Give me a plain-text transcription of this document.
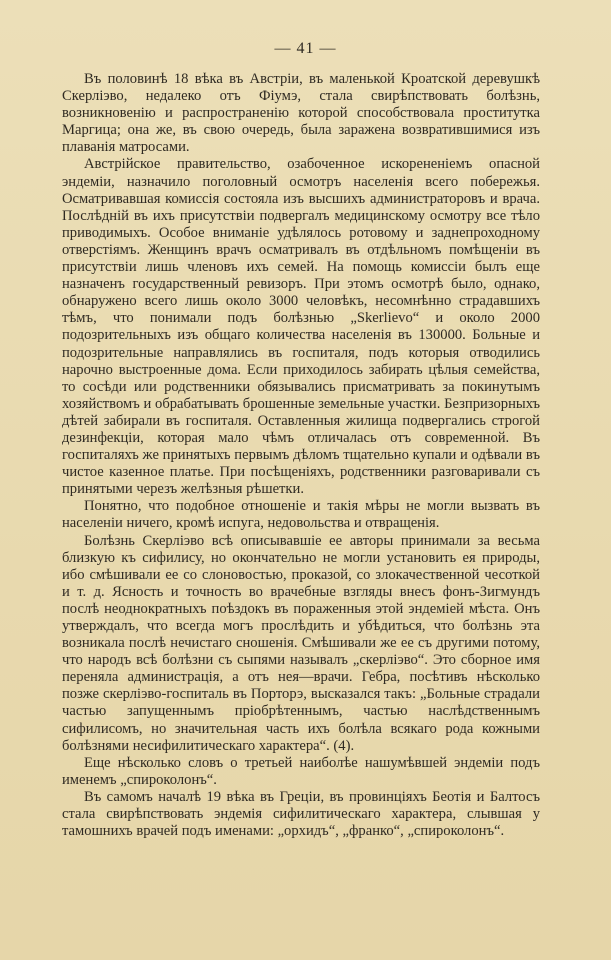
— 41 —

Въ половинѣ 18 вѣка въ Австріи, въ маленькой Кроатской деревушкѣ Скерліэво, недалеко отъ Фіумэ, стала свирѣпствовать болѣзнь, возникновенію и распространенію которой способствовала проститутка Маргица; она же, въ свою очередь, была заражена возвратившимися изъ плаванія матросами.

Австрійское правительство, озабоченное искорененіемъ опасной эндеміи, назначило поголовный осмотръ населенія всего побережья. Осматривавшая комиссія состояла изъ высшихъ администраторовъ и врача. Послѣдній въ ихъ присутствіи подвергалъ медицинскому осмотру все тѣло приводимыхъ. Особое вниманіе удѣлялось ротовому и заднепроходному отверстіямъ. Женщинъ врачъ осматривалъ въ отдѣльномъ помѣщеніи въ присутствіи лишь членовъ ихъ семей. На помощь комиссіи былъ еще назначенъ государственный ревизоръ. При этомъ осмотрѣ было, однако, обнаружено всего лишь около 3000 человѣкъ, несомнѣнно страдавшихъ тѣмъ, что понимали подъ болѣзнью „Skerlievo“ и около 2000 подозрительныхъ изъ общаго количества населенія въ 130000. Больные и подозрительные направлялись въ госпиталя, подъ которыя отводились нарочно выстроенные дома. Если приходилось забирать цѣлыя семейства, то сосѣди или родственники обязывались присматривать за покинутымъ хозяйствомъ и обрабатывать брошенные земельные участки. Безпризорныхъ дѣтей забирали въ госпиталя. Оставленныя жилища подвергались строгой дезинфекціи, которая мало чѣмъ отличалась отъ современной. Въ госпиталяхъ же принятыхъ первымъ дѣломъ тщательно купали и одѣвали въ чистое казенное платье. При посѣщеніяхъ, родственники разговаривали съ принятыми черезъ желѣзныя рѣшетки.

Понятно, что подобное отношеніе и такія мѣры не могли вызвать въ населеніи ничего, кромѣ испуга, недовольства и отвращенія.

Болѣзнь Скерліэво всѣ описывавшіе ее авторы принимали за весьма близкую къ сифилису, но окончательно не могли установить ея природы, ибо смѣшивали ее со слоновостью, проказой, со злокачественной чесоткой и т. д. Ясность и точность во врачебные взгляды внесъ фонъ-Зигмундъ послѣ неоднократныхъ поѣздокъ въ пораженныя этой эндеміей мѣста. Онъ утверждалъ, что всегда могъ прослѣдить и убѣдиться, что болѣзнь эта возникала послѣ нечистаго сношенія. Смѣшивали же ее съ другими потому, что народъ всѣ болѣзни съ сыпями называлъ „скерліэво“. Это сборное имя переняла администрація, а отъ нея—врачи. Гебра, посѣтивъ нѣсколько позже скерліэво-госпиталь въ Порторэ, высказался такъ: „Больные страдали частью запущеннымъ пріобрѣтеннымъ, частью наслѣдственнымъ сифилисомъ, но значительная часть ихъ болѣла всякаго рода кожными болѣзнями несифилитическаго характера“. (4).

Еще нѣсколько словъ о третьей наиболѣе нашумѣвшей эндеміи подъ именемъ „спироколонъ“.

Въ самомъ началѣ 19 вѣка въ Греціи, въ провинціяхъ Беотія и Балтосъ стала свирѣпствовать эндемія сифилитическаго характера, слывшая у тамошнихъ врачей подъ именами: „орхидъ“, „франко“, „спироколонъ“.
